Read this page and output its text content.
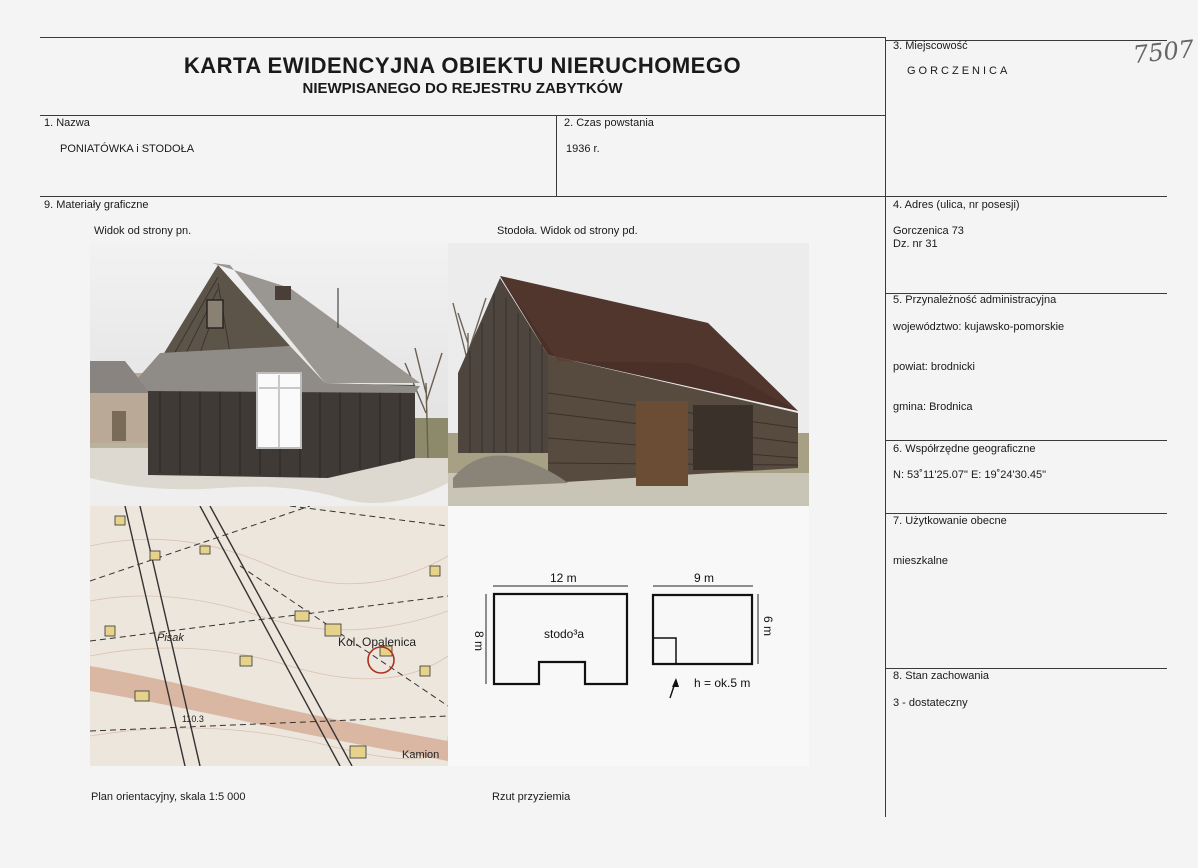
KARTA EWIDENCYJNA OBIEKTU NIERUCHOMEGO
NIEWPISANEGO DO REJESTRU ZABYTKÓW
7507
3. Miejscowość
GORCZENICA
1. Nazwa
PONIATÓWKA i STODOŁA
2. Czas powstania
1936 r.
9. Materiały graficzne	4. Adres (ulica, nr posesji)
Gorczenica 73
Dz. nr 31
5. Przynależność administracyjna
województwo: kujawsko-pomorskie
powiat: brodnicki
gmina: Brodnica
6. Współrzędne geograficzne
N: 53˚11'25.07" E: 19˚24'30.45"
7. Użytkowanie obecne
mieszkalne
8. Stan zachowania
3 - dostateczny
Widok od strony pn.	Stodoła. Widok od strony pd.
Plan orientacyjny, skala 1:5 000	Rzut przyziemia
Pisak	Kol. Opalenica
110.3
Kamion
12 m	9 m
8 m
6 m
stodo³a
h = ok.5 m
